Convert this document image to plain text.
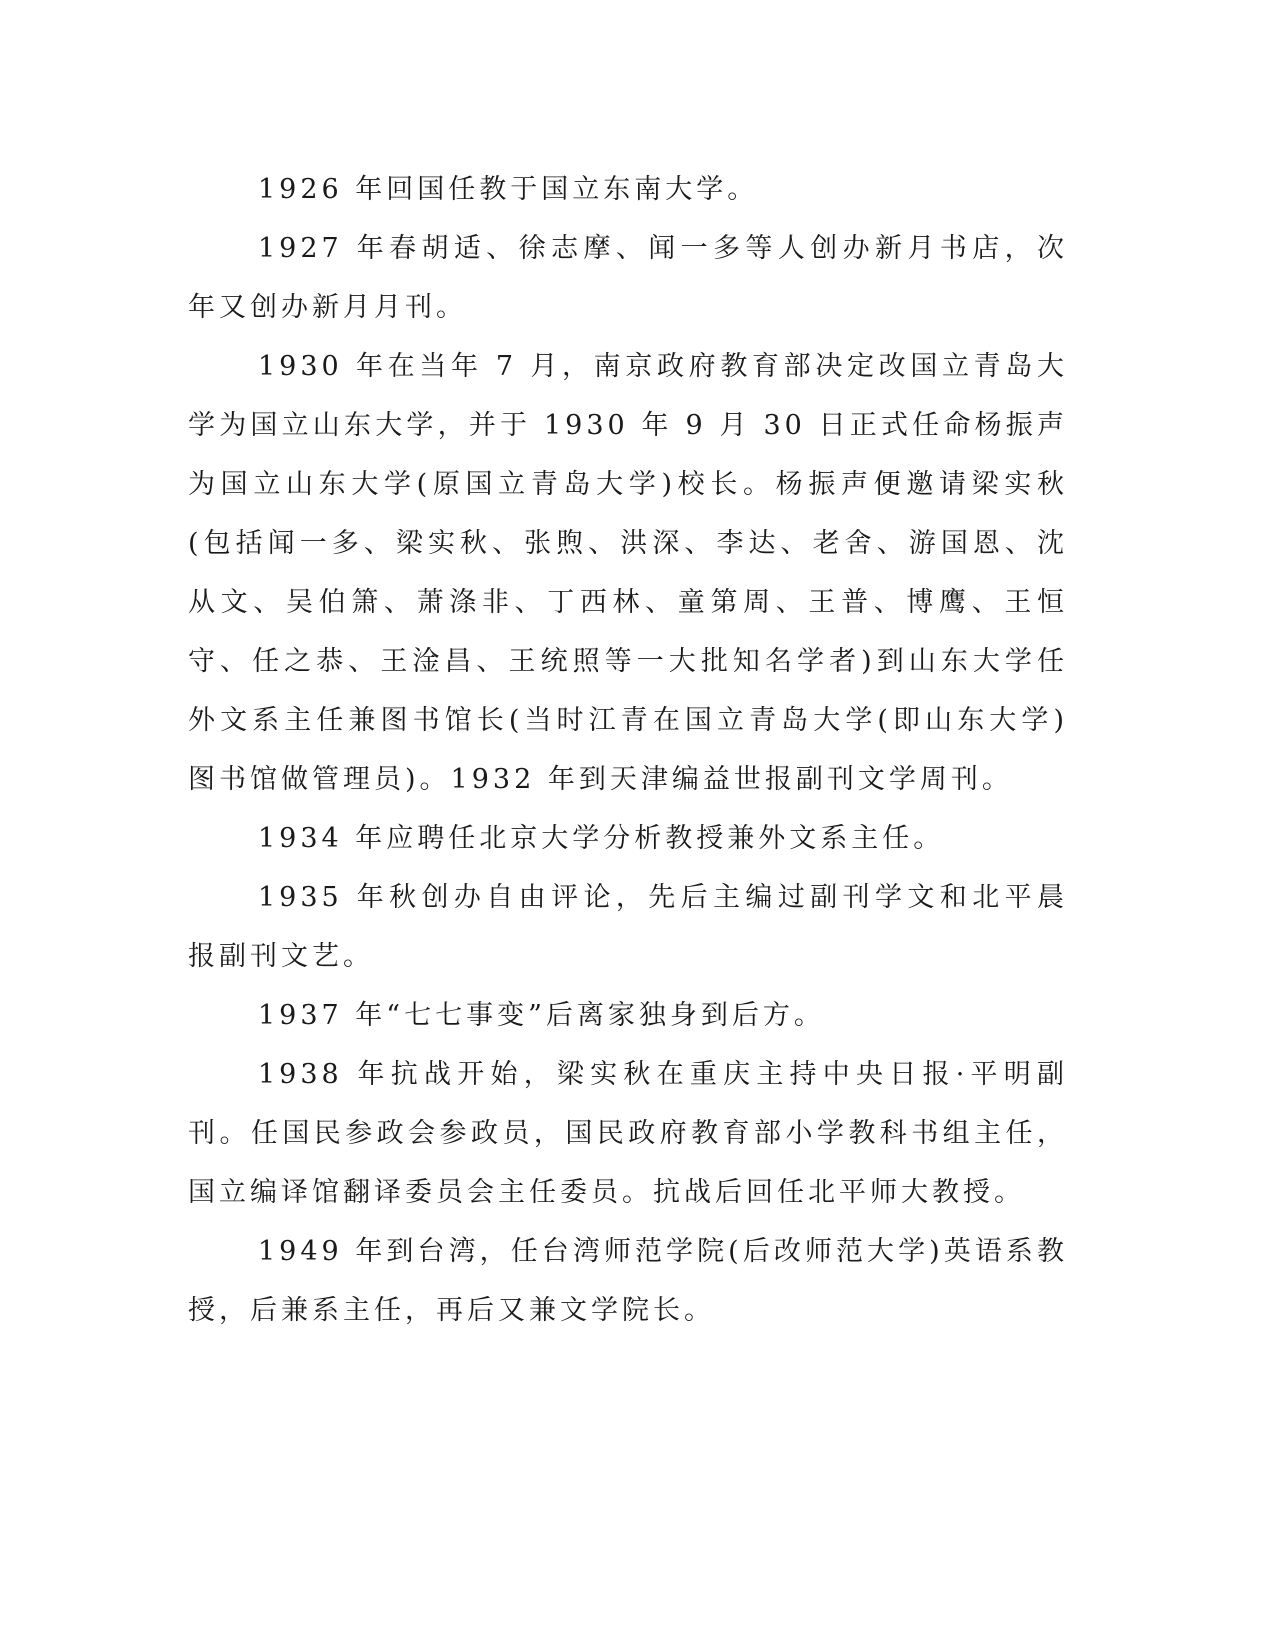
1926 年回国任教于国立东南大学。

1927 年春胡适、徐志摩、闻一多等人创办新月书店，次年又创办新月月刊。

1930 年在当年 7 月，南京政府教育部决定改国立青岛大学为国立山东大学，并于 1930 年 9 月 30 日正式任命杨振声为国立山东大学(原国立青岛大学)校长。杨振声便邀请梁实秋(包括闻一多、梁实秋、张煦、洪深、李达、老舍、游国恩、沈从文、吴伯箫、萧涤非、丁西林、童第周、王普、博鹰、王恒守、任之恭、王淦昌、王统照等一大批知名学者)到山东大学任外文系主任兼图书馆长(当时江青在国立青岛大学(即山东大学)图书馆做管理员)。1932 年到天津编益世报副刊文学周刊。

1934 年应聘任北京大学分析教授兼外文系主任。

1935 年秋创办自由评论，先后主编过副刊学文和北平晨报副刊文艺。

1937 年“七七事变”后离家独身到后方。

1938 年抗战开始，梁实秋在重庆主持中央日报·平明副刊。任国民参政会参政员，国民政府教育部小学教科书组主任，国立编译馆翻译委员会主任委员。抗战后回任北平师大教授。

1949 年到台湾，任台湾师范学院(后改师范大学)英语系教授，后兼系主任，再后又兼文学院长。
